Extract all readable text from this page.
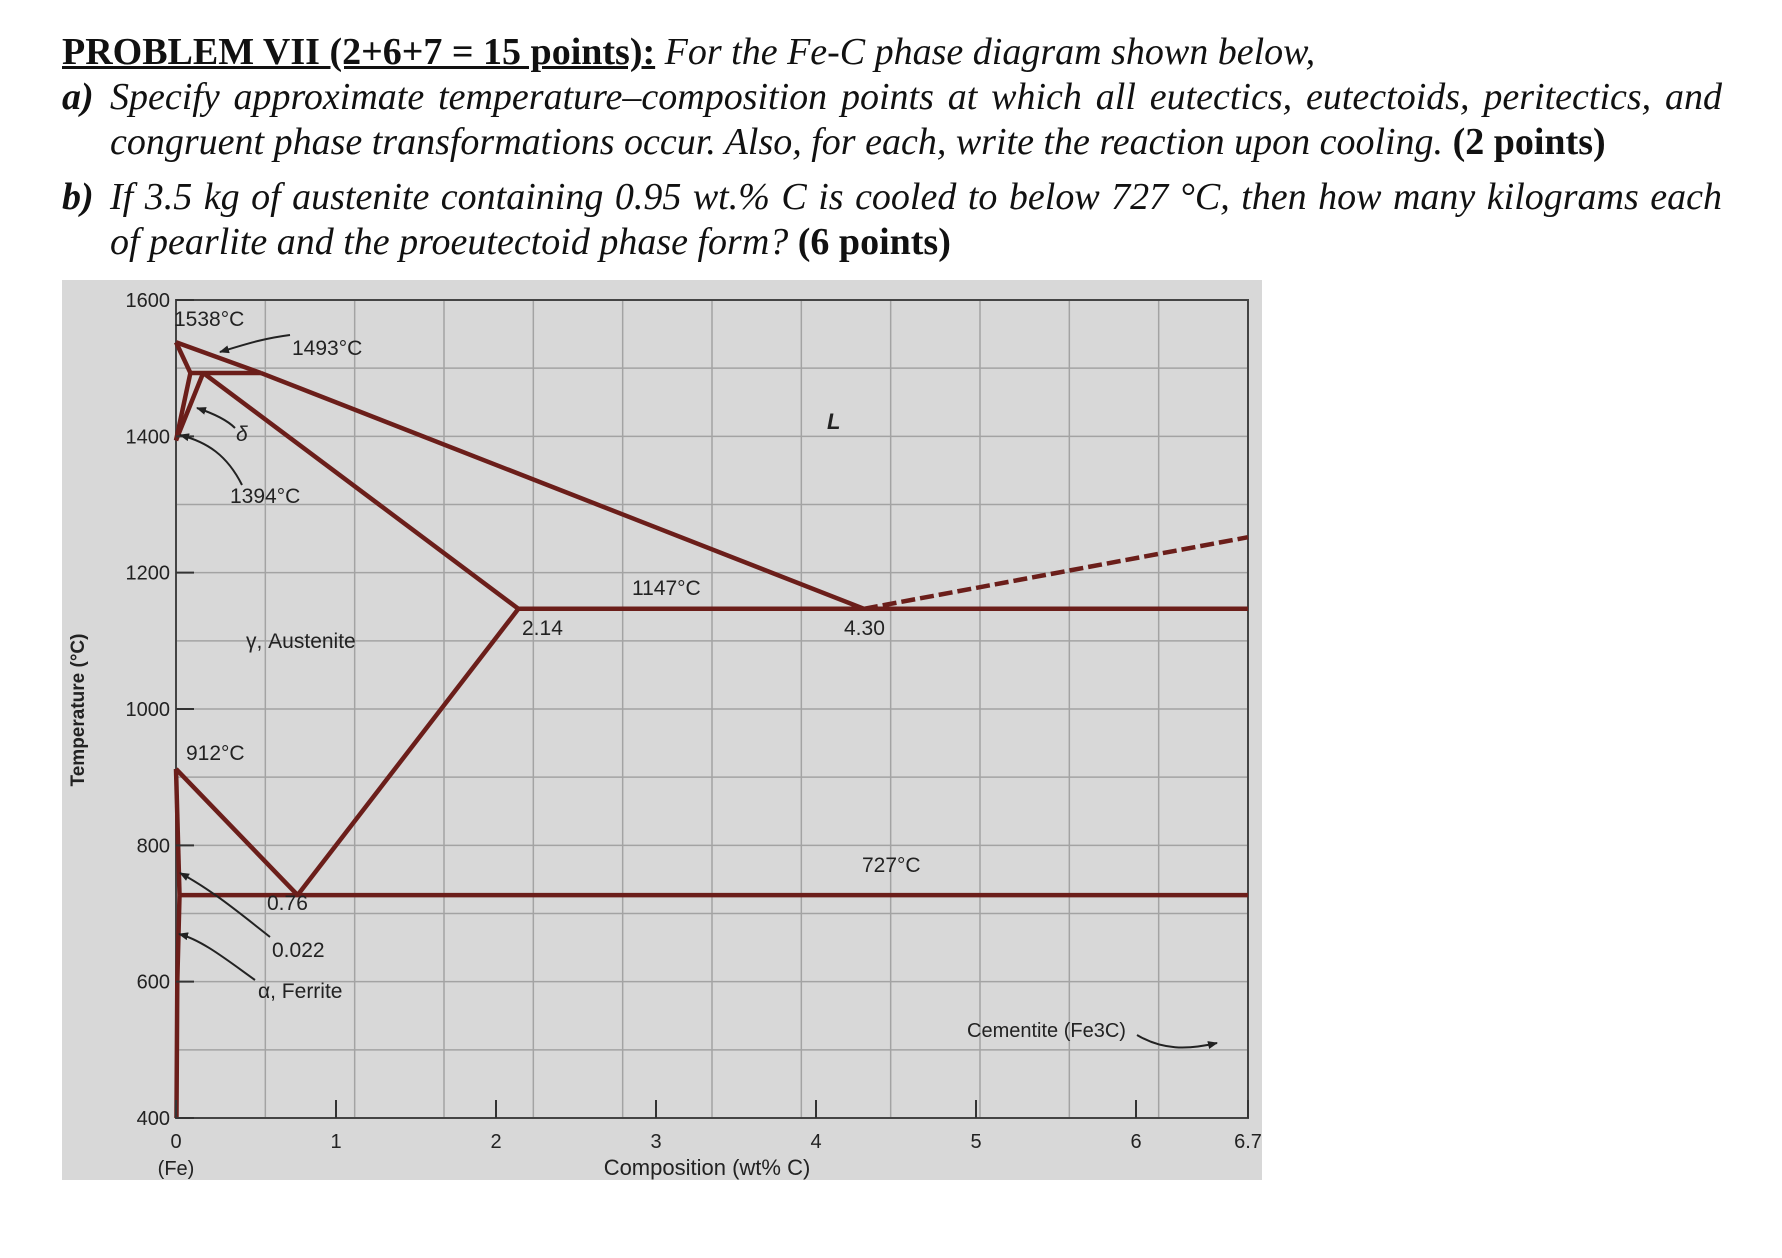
PROBLEM VII (2+6+7 = 15 points): For the Fe-C phase diagram shown below,
a) Specify approximate temperature–composition points at which all eutectics, eutectoids, peritectics, and congruent phase transformations occur. Also, for each, write the reaction upon cooling. (2 points)
b) If 3.5 kg of austenite containing 0.95 wt.% C is cooled to below 727 °C, then how many kilograms each of pearlite and the proeutectoid phase form? (6 points)
0	1	2	3	4	5	6	6.7
400
600
800
1000
1200
1400
1600
Temperature (°C)
Composition (wt% C)
(Fe)
1538°C
1493°C
1394°C
1147°C
912°C
727°C
2.14	4.30
0.76
0.022
δ
L
γ, Austenite
α, Ferrite
Cementite (Fe3C)
